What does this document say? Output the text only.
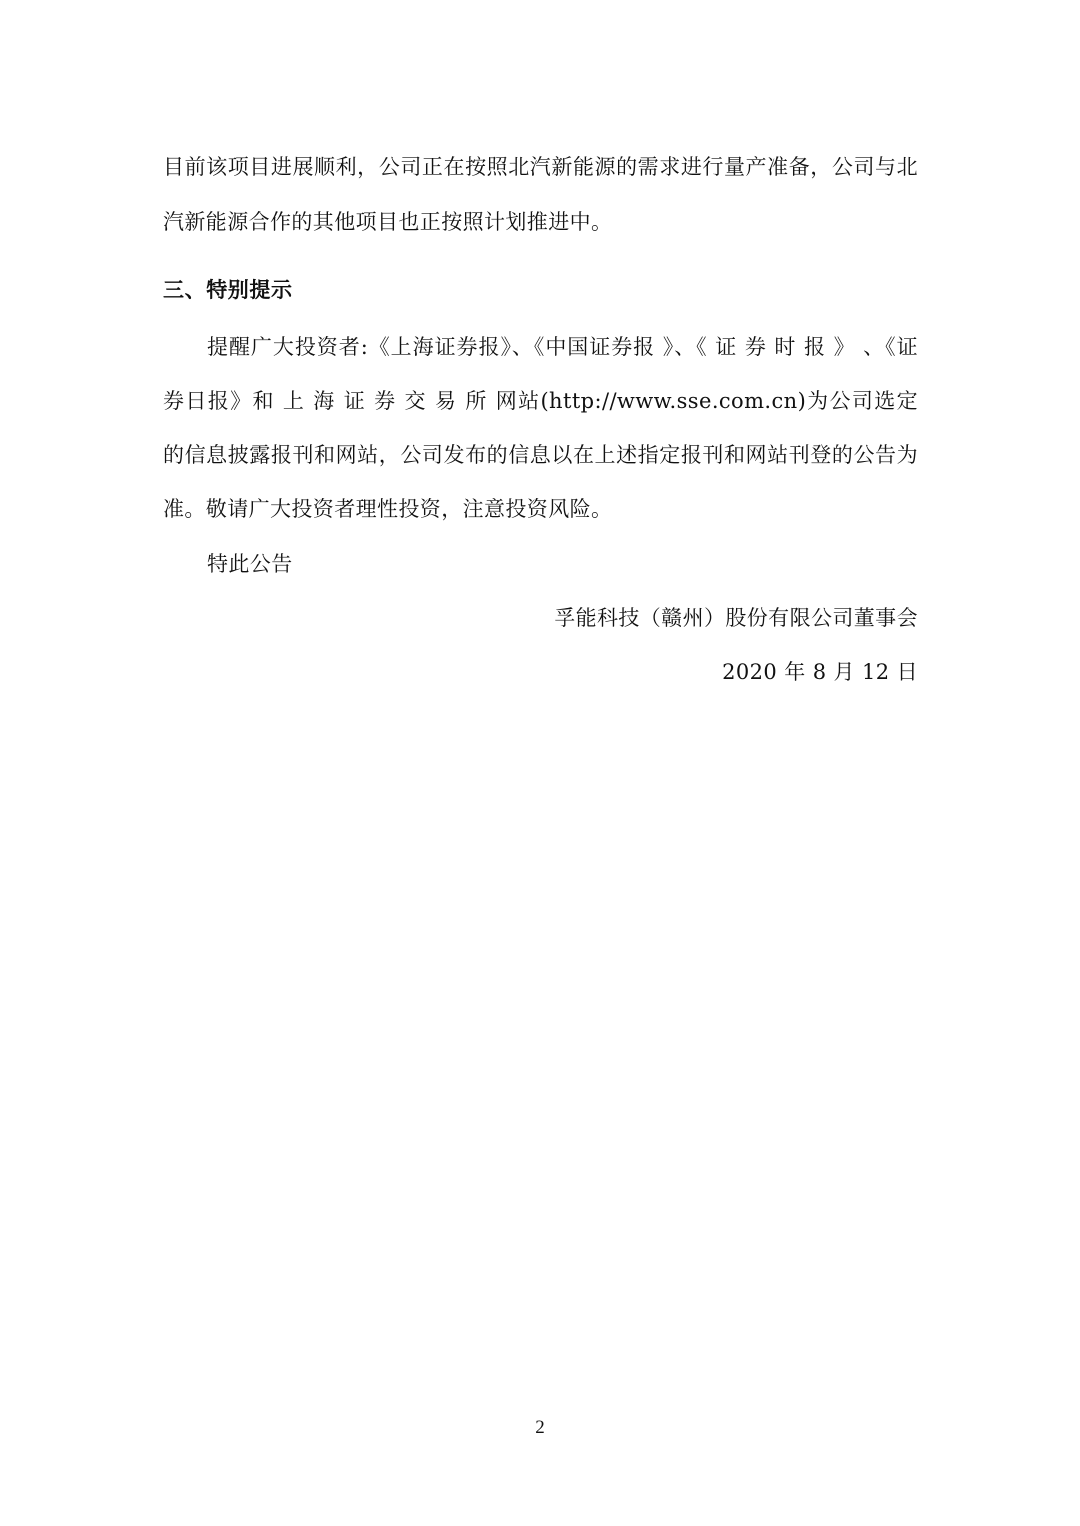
目前该项目进展顺利，公司正在按照北汽新能源的需求进行量产准备，公司与北
汽新能源合作的其他项目也正按照计划推进中。
三、特别提示
提醒广大投资者:《上海证券报》、《中国证券报 》、《 证 券 时 报 》 、《证
券日报》和 上 海 证 券 交 易 所 网站(http://www.sse.com.cn)为公司选定
的信息披露报刊和网站，公司发布的信息以在上述指定报刊和网站刊登的公告为
准。敬请广大投资者理性投资，注意投资风险。
特此公告
孚能科技（赣州）股份有限公司董事会
2020 年 8 月 12 日
2
